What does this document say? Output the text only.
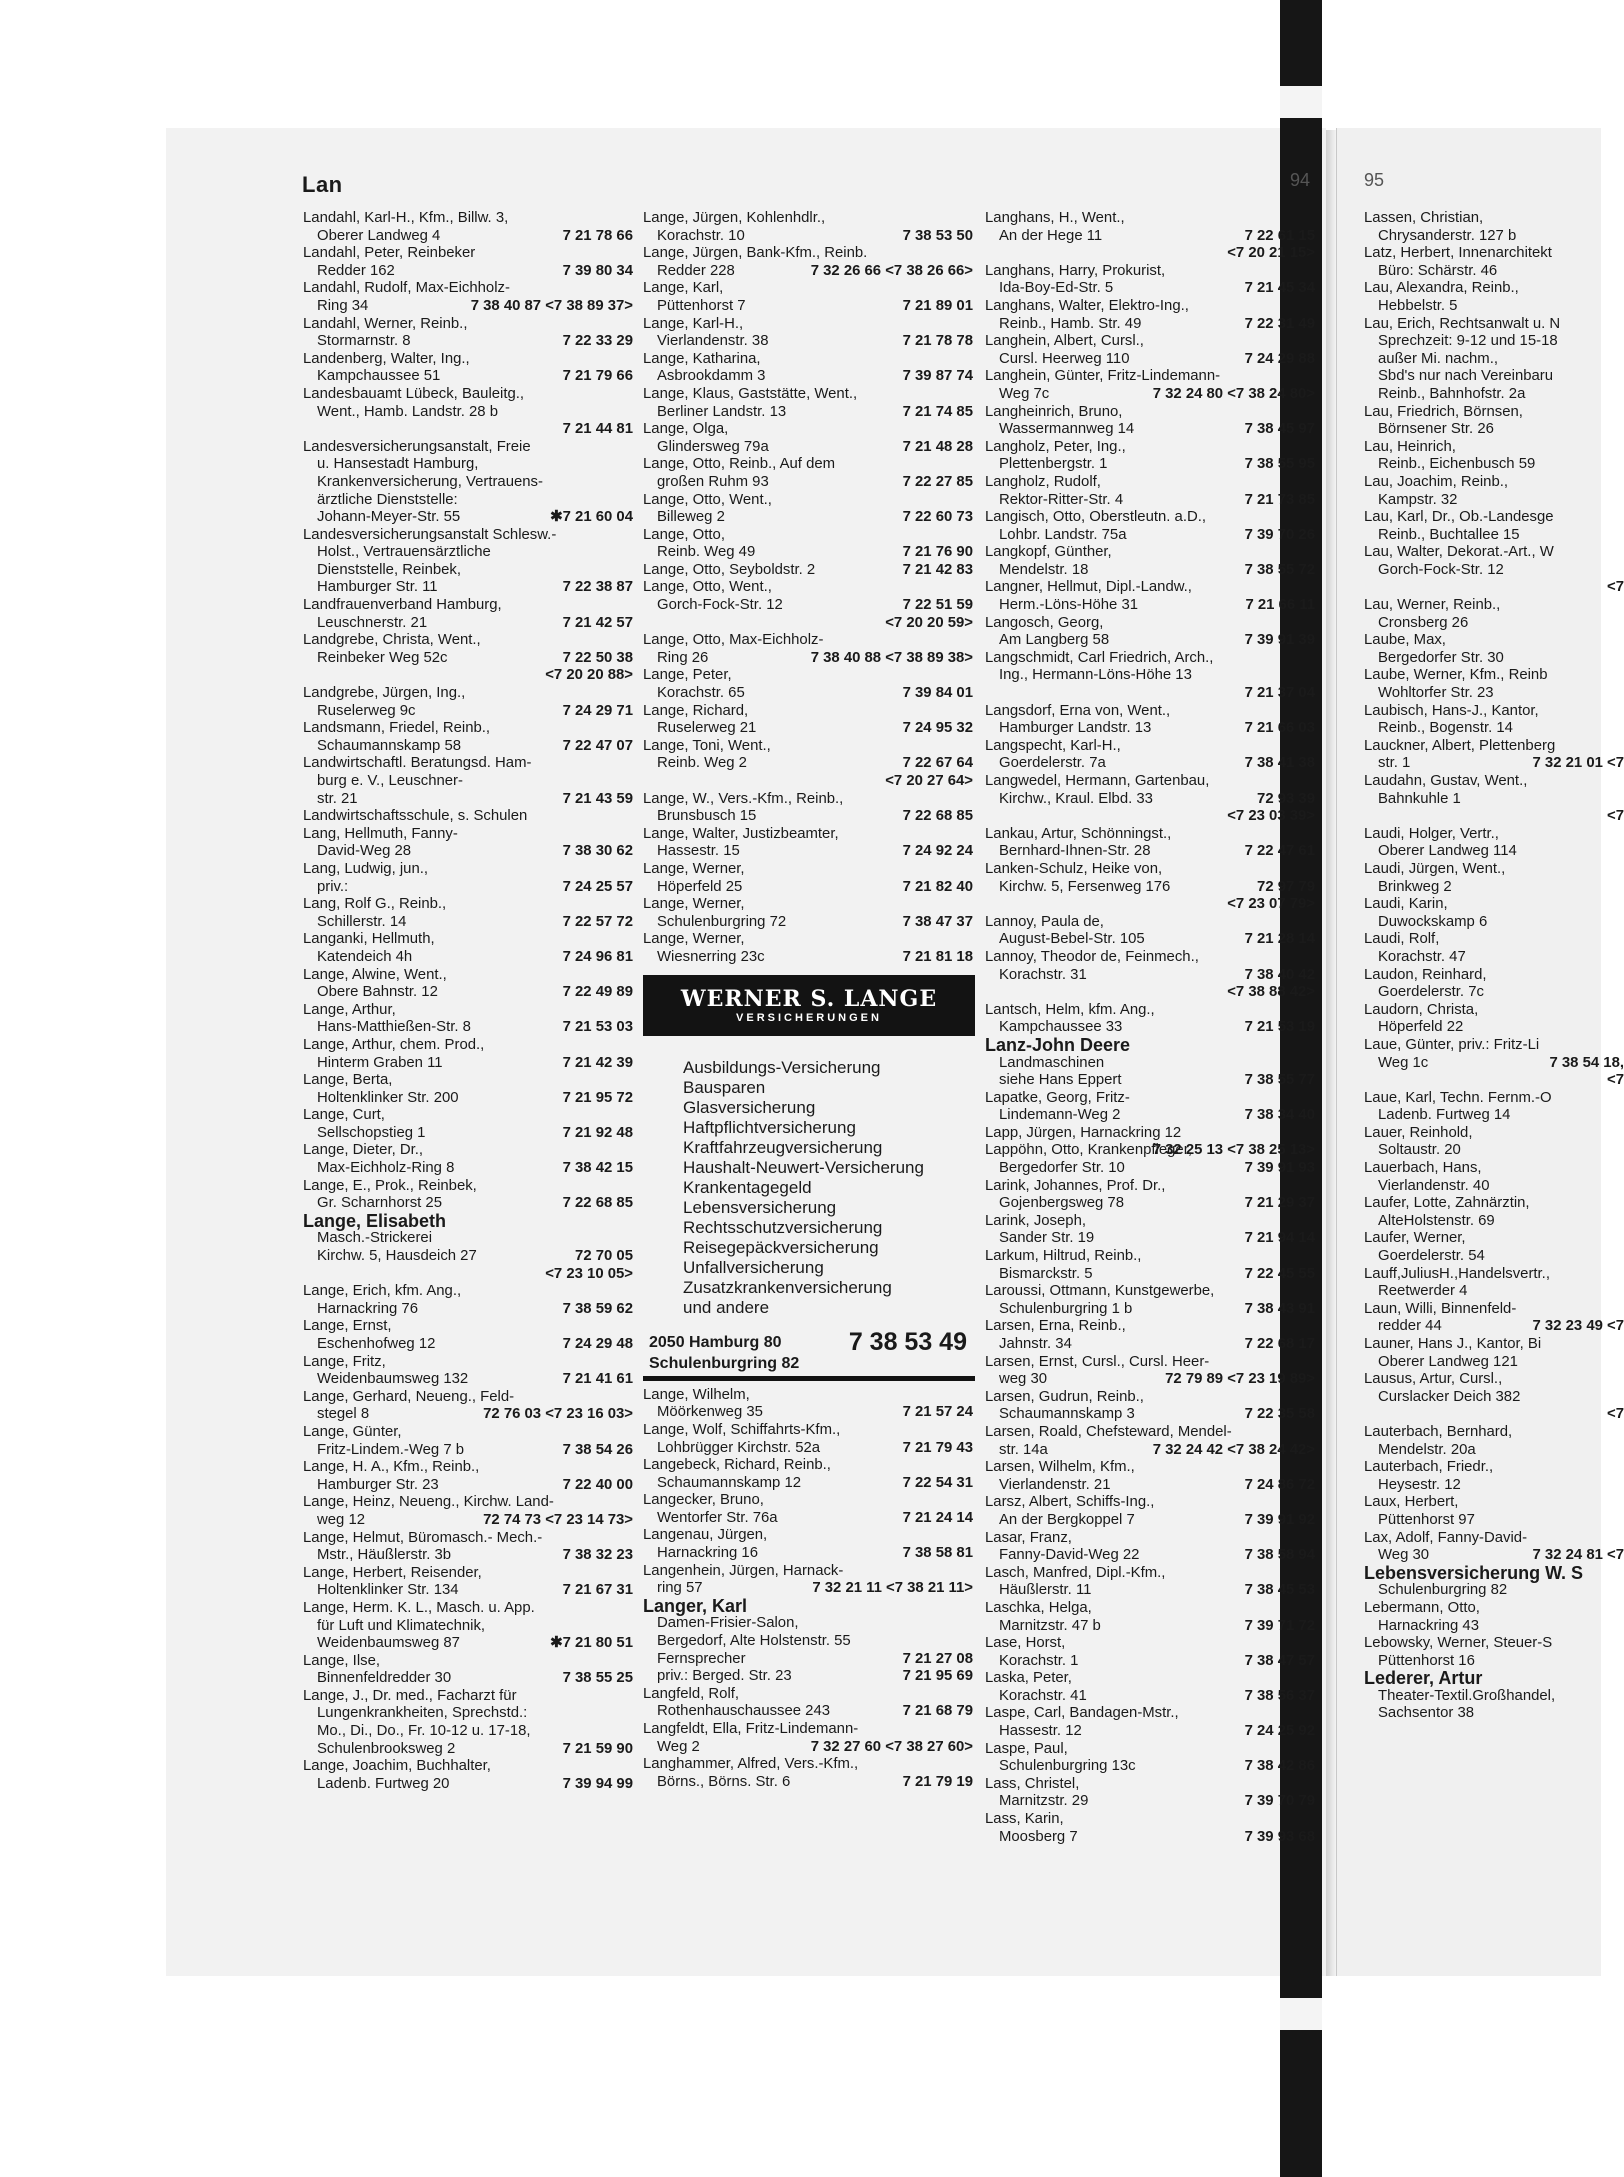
Lan	94	95
Landahl, Karl-H., Kfm., Billw. 3,
Oberer Landweg 4	7 21 78 66
Landahl, Peter, Reinbeker
Redder 162	7 39 80 34
Landahl, Rudolf, Max-Eichholz-
Ring 34	7 38 40 87 <7 38 89 37>
Landahl, Werner, Reinb.,
Stormarnstr. 8	7 22 33 29
Landenberg, Walter, Ing.,
Kampchaussee 51	7 21 79 66
Landesbauamt Lübeck, Bauleitg.,
Went., Hamb. Landstr. 28 b
7 21 44 81
Landesversicherungsanstalt, Freie
u. Hansestadt Hamburg,
Krankenversicherung, Vertrauens-
ärztliche Dienststelle:
Johann-Meyer-Str. 55	✱7 21 60 04
Landesversicherungsanstalt Schlesw.-
Holst., Vertrauensärztliche
Dienststelle, Reinbek,
Hamburger Str. 11	7 22 38 87
Landfrauenverband Hamburg,
Leuschnerstr. 21	7 21 42 57
Landgrebe, Christa, Went.,
Reinbeker Weg 52c	7 22 50 38
<7 20 20 88>
Landgrebe, Jürgen, Ing.,
Ruselerweg 9c	7 24 29 71
Landsmann, Friedel, Reinb.,
Schaumannskamp 58	7 22 47 07
Landwirtschaftl. Beratungsd. Ham-
burg e. V., Leuschner-
str. 21	7 21 43 59
Landwirtschaftsschule, s. Schulen
Lang, Hellmuth, Fanny-
David-Weg 28	7 38 30 62
Lang, Ludwig, jun.,
priv.:	7 24 25 57
Lang, Rolf G., Reinb.,
Schillerstr. 14	7 22 57 72
Langanki, Hellmuth,
Katendeich 4h	7 24 96 81
Lange, Alwine, Went.,
Obere Bahnstr. 12	7 22 49 89
Lange, Arthur,
Hans-Matthießen-Str. 8	7 21 53 03
Lange, Arthur, chem. Prod.,
Hinterm Graben 11	7 21 42 39
Lange, Berta,
Holtenklinker Str. 200	7 21 95 72
Lange, Curt,
Sellschopstieg 1	7 21 92 48
Lange, Dieter, Dr.,
Max-Eichholz-Ring 8	7 38 42 15
Lange, E., Prok., Reinbek,
Gr. Scharnhorst 25	7 22 68 85
Lange, Elisabeth
Masch.-Strickerei
Kirchw. 5, Hausdeich 27	72 70 05
<7 23 10 05>
Lange, Erich, kfm. Ang.,
Harnackring 76	7 38 59 62
Lange, Ernst,
Eschenhofweg 12	7 24 29 48
Lange, Fritz,
Weidenbaumsweg 132	7 21 41 61
Lange, Gerhard, Neueng., Feld-
stegel 8	72 76 03 <7 23 16 03>
Lange, Günter,
Fritz-Lindem.-Weg 7 b	7 38 54 26
Lange, H. A., Kfm., Reinb.,
Hamburger Str. 23	7 22 40 00
Lange, Heinz, Neueng., Kirchw. Land-
weg 12	72 74 73 <7 23 14 73>
Lange, Helmut, Büromasch.- Mech.-
Mstr., Häußlerstr. 3b	7 38 32 23
Lange, Herbert, Reisender,
Holtenklinker Str. 134	7 21 67 31
Lange, Herm. K. L., Masch. u. App.
für Luft und Klimatechnik,
Weidenbaumsweg 87	✱7 21 80 51
Lange, Ilse,
Binnenfeldredder 30	7 38 55 25
Lange, J., Dr. med., Facharzt für
Lungenkrankheiten, Sprechstd.:
Mo., Di., Do., Fr. 10-12 u. 17-18,
Schulenbrooksweg 2	7 21 59 90
Lange, Joachim, Buchhalter,
Ladenb. Furtweg 20	7 39 94 99
Lange, Jürgen, Kohlenhdlr.,
Korachstr. 10	7 38 53 50
Lange, Jürgen, Bank-Kfm., Reinb.
Redder 228	7 32 26 66 <7 38 26 66>
Lange, Karl,
Püttenhorst 7	7 21 89 01
Lange, Karl-H.,
Vierlandenstr. 38	7 21 78 78
Lange, Katharina,
Asbrookdamm 3	7 39 87 74
Lange, Klaus, Gaststätte, Went.,
Berliner Landstr. 13	7 21 74 85
Lange, Olga,
Glindersweg 79a	7 21 48 28
Lange, Otto, Reinb., Auf dem
großen Ruhm 93	7 22 27 85
Lange, Otto, Went.,
Billeweg 2	7 22 60 73
Lange, Otto,
Reinb. Weg 49	7 21 76 90
Lange, Otto, Seyboldstr. 2	7 21 42 83
Lange, Otto, Went.,
Gorch-Fock-Str. 12	7 22 51 59
<7 20 20 59>
Lange, Otto, Max-Eichholz-
Ring 26	7 38 40 88 <7 38 89 38>
Lange, Peter,
Korachstr. 65	7 39 84 01
Lange, Richard,
Ruselerweg 21	7 24 95 32
Lange, Toni, Went.,
Reinb. Weg 2	7 22 67 64
<7 20 27 64>
Lange, W., Vers.-Kfm., Reinb.,
Brunsbusch 15	7 22 68 85
Lange, Walter, Justizbeamter,
Hassestr. 15	7 24 92 24
Lange, Werner,
Höperfeld 25	7 21 82 40
Lange, Werner,
Schulenburgring 72	7 38 47 37
Lange, Werner,
Wiesnerring 23c	7 21 81 18
WERNER S. LANGE
VERSICHERUNGEN
Ausbildungs-Versicherung
Bausparen
Glasversicherung
Haftpflichtversicherung
Kraftfahrzeugversicherung
Haushalt-Neuwert-Versicherung
Krankentagegeld
Lebensversicherung
Rechtsschutzversicherung
Reisegepäckversicherung
Unfallversicherung
Zusatzkrankenversicherung
und andere
2050 Hamburg 80
Schulenburgring 82
7 38 53 49
Lange, Wilhelm,
Möörkenweg 35	7 21 57 24
Lange, Wolf, Schiffahrts-Kfm.,
Lohbrügger Kirchstr. 52a	7 21 79 43
Langebeck, Richard, Reinb.,
Schaumannskamp 12	7 22 54 31
Langecker, Bruno,
Wentorfer Str. 76a	7 21 24 14
Langenau, Jürgen,
Harnackring 16	7 38 58 81
Langenhein, Jürgen, Harnack-
ring 57	7 32 21 11 <7 38 21 11>
Langer, Karl
Damen-Frisier-Salon,
Bergedorf, Alte Holstenstr. 55
Fernsprecher	7 21 27 08
priv.: Berged. Str. 23	7 21 95 69
Langfeld, Rolf,
Rothenhauschaussee 243	7 21 68 79
Langfeldt, Ella, Fritz-Lindemann-
Weg 2	7 32 27 60 <7 38 27 60>
Langhammer, Alfred, Vers.-Kfm.,
Börns., Börns. Str. 6	7 21 79 19
Langhans, H., Went.,
An der Hege 11	7 22 61 15
<7 20 21 15>
Langhans, Harry, Prokurist,
Ida-Boy-Ed-Str. 5	7 21 45 34
Langhans, Walter, Elektro-Ing.,
Reinb., Hamb. Str. 49	7 22 31 49
Langhein, Albert, Cursl.,
Cursl. Heerweg 110	7 24 29 88
Langhein, Günter, Fritz-Lindemann-
Weg 7c	7 32 24 80 <7 38 24 80>
Langheinrich, Bruno,
Wassermannweg 14	7 38 45 97
Langholz, Peter, Ing.,
Plettenbergstr. 1	7 38 55 95
Langholz, Rudolf,
Rektor-Ritter-Str. 4	7 21 73 85
Langisch, Otto, Oberstleutn. a.D.,
Lohbr. Landstr. 75a	7 39 70 26
Langkopf, Günther,
Mendelstr. 18	7 38 55 72
Langner, Hellmut, Dipl.-Landw.,
Herm.-Löns-Höhe 31	7 21 66 11
Langosch, Georg,
Am Langberg 58	7 39 91 39
Langschmidt, Carl Friedrich, Arch.,
Ing., Hermann-Löns-Höhe 13
7 21 37 04
Langsdorf, Erna von, Went.,
Hamburger Landstr. 13	7 21 66 03
Langspecht, Karl-H.,
Goerdelerstr. 7a	7 38 41 38
Langwedel, Hermann, Gartenbau,
Kirchw., Kraul. Elbd. 33	72 93 39
<7 23 03 39>
Lankau, Artur, Schönningst.,
Bernhard-Ihnen-Str. 28	7 22 47 61
Lanken-Schulz, Heike von,
Kirchw. 5, Fersenweg 176	72 97 79
<7 23 07 79>
Lannoy, Paula de,
August-Bebel-Str. 105	7 21 28 14
Lannoy, Theodor de, Feinmech.,
Korachstr. 31	7 38 40 42
<7 38 88 42>
Lantsch, Helm, kfm. Ang.,
Kampchaussee 33	7 21 53 19
Lanz-John Deere
Landmaschinen
siehe Hans Eppert	7 38 55 77
Lapatke, Georg, Fritz-
Lindemann-Weg 2	7 38 34 40
Lapp, Jürgen, Harnackring 12
7 32 25 13 <7 38 25 13>
Lappöhn, Otto, Krankenpfleger,
Bergedorfer Str. 10	7 39 91 93
Larink, Johannes, Prof. Dr.,
Gojenbergsweg 78	7 21 29 37
Larink, Joseph,
Sander Str. 19	7 21 94 14
Larkum, Hiltrud, Reinb.,
Bismarckstr. 5	7 22 45 55
Laroussi, Ottmann, Kunstgewerbe,
Schulenburgring 1 b	7 38 43 91
Larsen, Erna, Reinb.,
Jahnstr. 34	7 22 68 17
Larsen, Ernst, Cursl., Cursl. Heer-
weg 30	72 79 89 <7 23 19 89>
Larsen, Gudrun, Reinb.,
Schaumannskamp 3	7 22 35 58
Larsen, Roald, Chefsteward, Mendel-
str. 14a	7 32 24 42 <7 38 24 42>
Larsen, Wilhelm, Kfm.,
Vierlandenstr. 21	7 24 86 72
Larsz, Albert, Schiffs-Ing.,
An der Bergkoppel 7	7 39 91 92
Lasar, Franz,
Fanny-David-Weg 22	7 38 58 94
Lasch, Manfred, Dipl.-Kfm.,
Häußlerstr. 11	7 38 45 53
Laschka, Helga,
Marnitzstr. 47 b	7 39 71 72
Lase, Horst,
Korachstr. 1	7 38 47 57
Laska, Peter,
Korachstr. 41	7 38 56 37
Laspe, Carl, Bandagen-Mstr.,
Hassestr. 12	7 24 25 92
Laspe, Paul,
Schulenburgring 13c	7 38 42 86
Lass, Christel,
Marnitzstr. 29	7 39 70 79
Lass, Karin,
Moosberg 7	7 39 93 68
Lassen, Christian,
Chrysanderstr. 127 b
Latz, Herbert, Innenarchitekt
Büro: Schärstr. 46
Lau, Alexandra, Reinb.,
Hebbelstr. 5
Lau, Erich, Rechtsanwalt u. N
Sprechzeit: 9-12 und 15-18
außer Mi. nachm.,
Sbd's nur nach Vereinbaru
Reinb., Bahnhofstr. 2a
Lau, Friedrich, Börnsen,
Börnsener Str. 26
Lau, Heinrich,
Reinb., Eichenbusch 59
Lau, Joachim, Reinb.,
Kampstr. 32
Lau, Karl, Dr., Ob.-Landesge
Reinb., Buchtallee 15
Lau, Walter, Dekorat.-Art., W
Gorch-Fock-Str. 12
<7
Lau, Werner, Reinb.,
Cronsberg 26
Laube, Max,
Bergedorfer Str. 30
Laube, Werner, Kfm., Reinb
Wohltorfer Str. 23
Laubisch, Hans-J., Kantor,
Reinb., Bogenstr. 14
Lauckner, Albert, Plettenberg
str. 1	7 32 21 01 <7
Laudahn, Gustav, Went.,
Bahnkuhle 1
<7
Laudi, Holger, Vertr.,
Oberer Landweg 114
Laudi, Jürgen, Went.,
Brinkweg 2
Laudi, Karin,
Duwockskamp 6
Laudi, Rolf,
Korachstr. 47
Laudon, Reinhard,
Goerdelerstr. 7c
Laudorn, Christa,
Höperfeld 22
Laue, Günter, priv.: Fritz-Li
Weg 1c	7 38 54 18,
<7
Laue, Karl, Techn. Fernm.-O
Ladenb. Furtweg 14
Lauer, Reinhold,
Soltaustr. 20
Lauerbach, Hans,
Vierlandenstr. 40
Laufer, Lotte, Zahnärztin,
AlteHolstenstr. 69
Laufer, Werner,
Goerdelerstr. 54
Lauff,JuliusH.,Handelsvertr.,
Reetwerder 4
Laun, Willi, Binnenfeld-
redder 44	7 32 23 49 <7
Launer, Hans J., Kantor, Bi
Oberer Landweg 121
Lausus, Artur, Cursl.,
Curslacker Deich 382
<7
Lauterbach, Bernhard,
Mendelstr. 20a
Lauterbach, Friedr.,
Heysestr. 12
Laux, Herbert,
Püttenhorst 97
Lax, Adolf, Fanny-David-
Weg 30	7 32 24 81 <7
Lebensversicherung W. S
Schulenburgring 82
Lebermann, Otto,
Harnackring 43
Lebowsky, Werner, Steuer-S
Püttenhorst 16
Lederer, Artur
Theater-Textil.Großhandel,
Sachsentor 38
